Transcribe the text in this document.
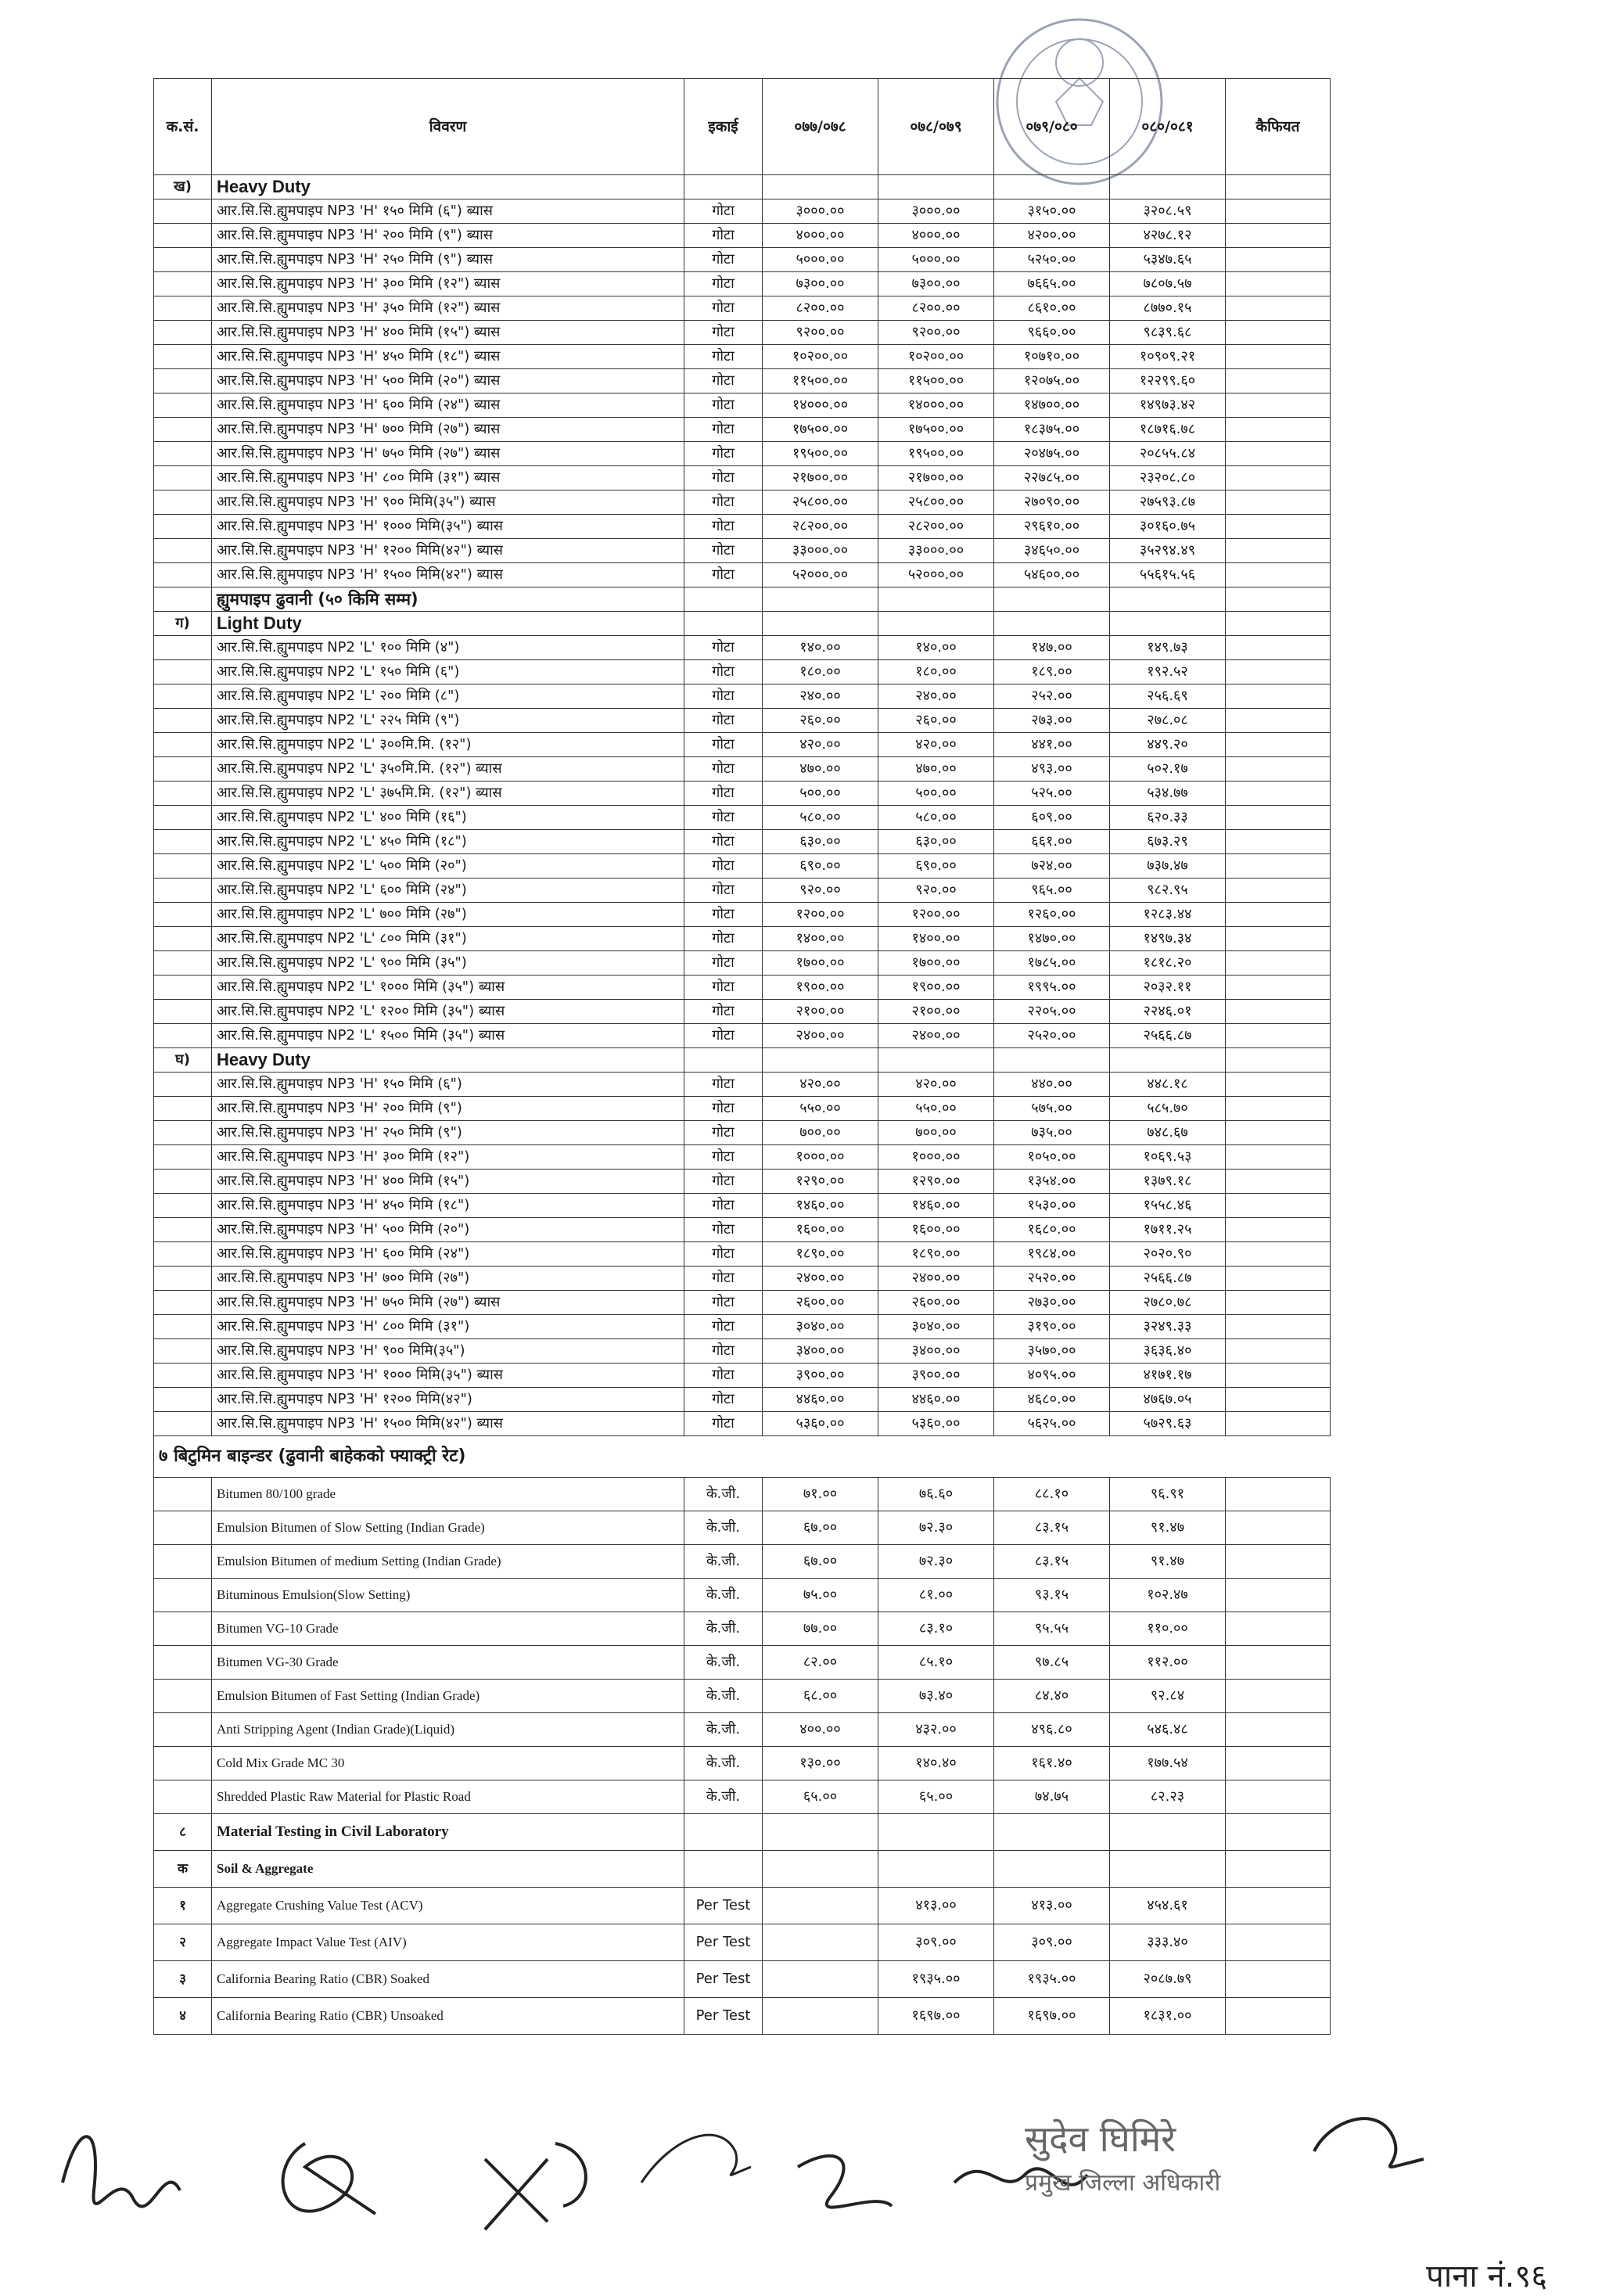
क.सं.	विवरण	इकाई	०७७/०७८	०७८/०७९	०७९/०८०	०८०/०८१	कैफियत
ख)	Heavy Duty						
	आर.सि.सि.ह्युमपाइप NP3 'H' १५० मिमि (६") ब्यास	गोटा	३०००.००	३०००.००	३१५०.००	३२०८.५९	
	आर.सि.सि.ह्युमपाइप NP3 'H' २०० मिमि (९") ब्यास	गोटा	४०००.००	४०००.००	४२००.००	४२७८.१२	
	आर.सि.सि.ह्युमपाइप NP3 'H' २५० मिमि (९") ब्यास	गोटा	५०००.००	५०००.००	५२५०.००	५३४७.६५	
	आर.सि.सि.ह्युमपाइप NP3 'H' ३०० मिमि (१२") ब्यास	गोटा	७३००.००	७३००.००	७६६५.००	७८०७.५७	
	आर.सि.सि.ह्युमपाइप NP3 'H' ३५० मिमि (१२") ब्यास	गोटा	८२००.००	८२००.००	८६१०.००	८७७०.१५	
	आर.सि.सि.ह्युमपाइप NP3 'H' ४०० मिमि (१५") ब्यास	गोटा	९२००.००	९२००.००	९६६०.००	९८३९.६८	
	आर.सि.सि.ह्युमपाइप NP3 'H' ४५० मिमि (१८") ब्यास	गोटा	१०२००.००	१०२००.००	१०७१०.००	१०९०९.२१	
	आर.सि.सि.ह्युमपाइप NP3 'H' ५०० मिमि (२०") ब्यास	गोटा	११५००.००	११५००.००	१२०७५.००	१२२९९.६०	
	आर.सि.सि.ह्युमपाइप NP3 'H' ६०० मिमि (२४") ब्यास	गोटा	१४०००.००	१४०००.००	१४७००.००	१४९७३.४२	
	आर.सि.सि.ह्युमपाइप NP3 'H' ७०० मिमि (२७") ब्यास	गोटा	१७५००.००	१७५००.००	१८३७५.००	१८७१६.७८	
	आर.सि.सि.ह्युमपाइप NP3 'H' ७५० मिमि (२७") ब्यास	गोटा	१९५००.००	१९५००.००	२०४७५.००	२०८५५.८४	
	आर.सि.सि.ह्युमपाइप NP3 'H' ८०० मिमि (३१") ब्यास	गोटा	२१७००.००	२१७००.००	२२७८५.००	२३२०८.८०	
	आर.सि.सि.ह्युमपाइप NP3 'H' ९०० मिमि(३५") ब्यास	गोटा	२५८००.००	२५८००.००	२७०९०.००	२७५९३.८७	
	आर.सि.सि.ह्युमपाइप NP3 'H' १००० मिमि(३५") ब्यास	गोटा	२८२००.००	२८२००.००	२९६१०.००	३०१६०.७५	
	आर.सि.सि.ह्युमपाइप NP3 'H' १२०० मिमि(४२") ब्यास	गोटा	३३०००.००	३३०००.००	३४६५०.००	३५२९४.४९	
	आर.सि.सि.ह्युमपाइप NP3 'H' १५०० मिमि(४२") ब्यास	गोटा	५२०००.००	५२०००.००	५४६००.००	५५६१५.५६	
	ह्युमपाइप ढुवानी (५० किमि सम्म)						
ग)	Light Duty						
	आर.सि.सि.ह्युमपाइप NP2 'L' १०० मिमि (४")	गोटा	१४०.००	१४०.००	१४७.००	१४९.७३	
	आर.सि.सि.ह्युमपाइप NP2 'L' १५० मिमि (६")	गोटा	१८०.००	१८०.००	१८९.००	१९२.५२	
	आर.सि.सि.ह्युमपाइप NP2 'L' २०० मिमि (८")	गोटा	२४०.००	२४०.००	२५२.००	२५६.६९	
	आर.सि.सि.ह्युमपाइप NP2 'L' २२५ मिमि (९")	गोटा	२६०.००	२६०.००	२७३.००	२७८.०८	
	आर.सि.सि.ह्युमपाइप NP2 'L' ३००मि.मि. (१२")	गोटा	४२०.००	४२०.००	४४१.००	४४९.२०	
	आर.सि.सि.ह्युमपाइप NP2 'L' ३५०मि.मि. (१२") ब्यास	गोटा	४७०.००	४७०.००	४९३.००	५०२.१७	
	आर.सि.सि.ह्युमपाइप NP2 'L' ३७५मि.मि. (१२") ब्यास	गोटा	५००.००	५००.००	५२५.००	५३४.७७	
	आर.सि.सि.ह्युमपाइप NP2 'L' ४०० मिमि (१६")	गोटा	५८०.००	५८०.००	६०९.००	६२०.३३	
	आर.सि.सि.ह्युमपाइप NP2 'L' ४५० मिमि (१८")	गोटा	६३०.००	६३०.००	६६१.००	६७३.२९	
	आर.सि.सि.ह्युमपाइप NP2 'L' ५०० मिमि (२०")	गोटा	६९०.००	६९०.००	७२४.००	७३७.४७	
	आर.सि.सि.ह्युमपाइप NP2 'L' ६०० मिमि (२४")	गोटा	९२०.००	९२०.००	९६५.००	९८२.९५	
	आर.सि.सि.ह्युमपाइप NP2 'L' ७०० मिमि (२७")	गोटा	१२००.००	१२००.००	१२६०.००	१२८३.४४	
	आर.सि.सि.ह्युमपाइप NP2 'L' ८०० मिमि (३१")	गोटा	१४००.००	१४००.००	१४७०.००	१४९७.३४	
	आर.सि.सि.ह्युमपाइप NP2 'L' ९०० मिमि (३५")	गोटा	१७००.००	१७००.००	१७८५.००	१८१८.२०	
	आर.सि.सि.ह्युमपाइप NP2 'L' १००० मिमि (३५") ब्यास	गोटा	१९००.००	१९००.००	१९९५.००	२०३२.११	
	आर.सि.सि.ह्युमपाइप NP2 'L' १२०० मिमि (३५") ब्यास	गोटा	२१००.००	२१००.००	२२०५.००	२२४६.०१	
	आर.सि.सि.ह्युमपाइप NP2 'L' १५०० मिमि (३५") ब्यास	गोटा	२४००.००	२४००.००	२५२०.००	२५६६.८७	
घ)	Heavy Duty						
	आर.सि.सि.ह्युमपाइप NP3 'H' १५० मिमि (६")	गोटा	४२०.००	४२०.००	४४०.००	४४८.१८	
	आर.सि.सि.ह्युमपाइप NP3 'H' २०० मिमि (९")	गोटा	५५०.००	५५०.००	५७५.००	५८५.७०	
	आर.सि.सि.ह्युमपाइप NP3 'H' २५० मिमि (९")	गोटा	७००.००	७००.००	७३५.००	७४८.६७	
	आर.सि.सि.ह्युमपाइप NP3 'H' ३०० मिमि (१२")	गोटा	१०००.००	१०००.००	१०५०.००	१०६९.५३	
	आर.सि.सि.ह्युमपाइप NP3 'H' ४०० मिमि (१५")	गोटा	१२९०.००	१२९०.००	१३५४.००	१३७९.१८	
	आर.सि.सि.ह्युमपाइप NP3 'H' ४५० मिमि (१८")	गोटा	१४६०.००	१४६०.००	१५३०.००	१५५८.४६	
	आर.सि.सि.ह्युमपाइप NP3 'H' ५०० मिमि (२०")	गोटा	१६००.००	१६००.००	१६८०.००	१७११.२५	
	आर.सि.सि.ह्युमपाइप NP3 'H' ६०० मिमि (२४")	गोटा	१८९०.००	१८९०.००	१९८४.००	२०२०.९०	
	आर.सि.सि.ह्युमपाइप NP3 'H' ७०० मिमि (२७")	गोटा	२४००.००	२४००.००	२५२०.००	२५६६.८७	
	आर.सि.सि.ह्युमपाइप NP3 'H' ७५० मिमि (२७") ब्यास	गोटा	२६००.००	२६००.००	२७३०.००	२७८०.७८	
	आर.सि.सि.ह्युमपाइप NP3 'H' ८०० मिमि (३१")	गोटा	३०४०.००	३०४०.००	३१९०.००	३२४९.३३	
	आर.सि.सि.ह्युमपाइप NP3 'H' ९०० मिमि(३५")	गोटा	३४००.००	३४००.००	३५७०.००	३६३६.४०	
	आर.सि.सि.ह्युमपाइप NP3 'H' १००० मिमि(३५") ब्यास	गोटा	३९००.००	३९००.००	४०९५.००	४१७१.१७	
	आर.सि.सि.ह्युमपाइप NP3 'H' १२०० मिमि(४२")	गोटा	४४६०.००	४४६०.००	४६८०.००	४७६७.०५	
	आर.सि.सि.ह्युमपाइप NP3 'H' १५०० मिमि(४२") ब्यास	गोटा	५३६०.००	५३६०.००	५६२५.००	५७२९.६३	
७ बिटुमिन बाइन्डर (ढुवानी बाहेकको फ्याक्ट्री रेट)							
	Bitumen 80/100 grade	के.जी.	७१.००	७६.६०	८८.१०	९६.९१	
	Emulsion Bitumen of Slow Setting (Indian Grade)	के.जी.	६७.००	७२.३०	८३.१५	९१.४७	
	Emulsion Bitumen of medium Setting (Indian Grade)	के.जी.	६७.००	७२.३०	८३.१५	९१.४७	
	Bituminous Emulsion(Slow Setting)	के.जी.	७५.००	८१.००	९३.१५	१०२.४७	
	Bitumen VG-10 Grade	के.जी.	७७.००	८३.१०	९५.५५	११०.००	
	Bitumen VG-30 Grade	के.जी.	८२.००	८५.१०	९७.८५	११२.००	
	Emulsion Bitumen of Fast Setting (Indian Grade)	के.जी.	६८.००	७३.४०	८४.४०	९२.८४	
	Anti Stripping Agent (Indian Grade)(Liquid)	के.जी.	४००.००	४३२.००	४९६.८०	५४६.४८	
	Cold Mix Grade MC 30	के.जी.	१३०.००	१४०.४०	१६१.४०	१७७.५४	
	Shredded Plastic Raw Material for Plastic Road	के.जी.	६५.००	६५.००	७४.७५	८२.२३	
८	Material Testing in Civil Laboratory						
क	Soil & Aggregate						
१	Aggregate Crushing Value Test (ACV)	Per Test		४१३.००	४१३.००	४५४.६१	
२	Aggregate Impact Value Test (AIV)	Per Test		३०९.००	३०९.००	३३३.४०	
३	California Bearing Ratio (CBR) Soaked	Per Test		१९३५.००	१९३५.००	२०८७.७९	
४	California Bearing Ratio (CBR) Unsoaked	Per Test		१६९७.००	१६९७.००	१८३१.००	
सुदेव घिमिरे
प्रमुख जिल्ला अधिकारी
पाना नं.९६
